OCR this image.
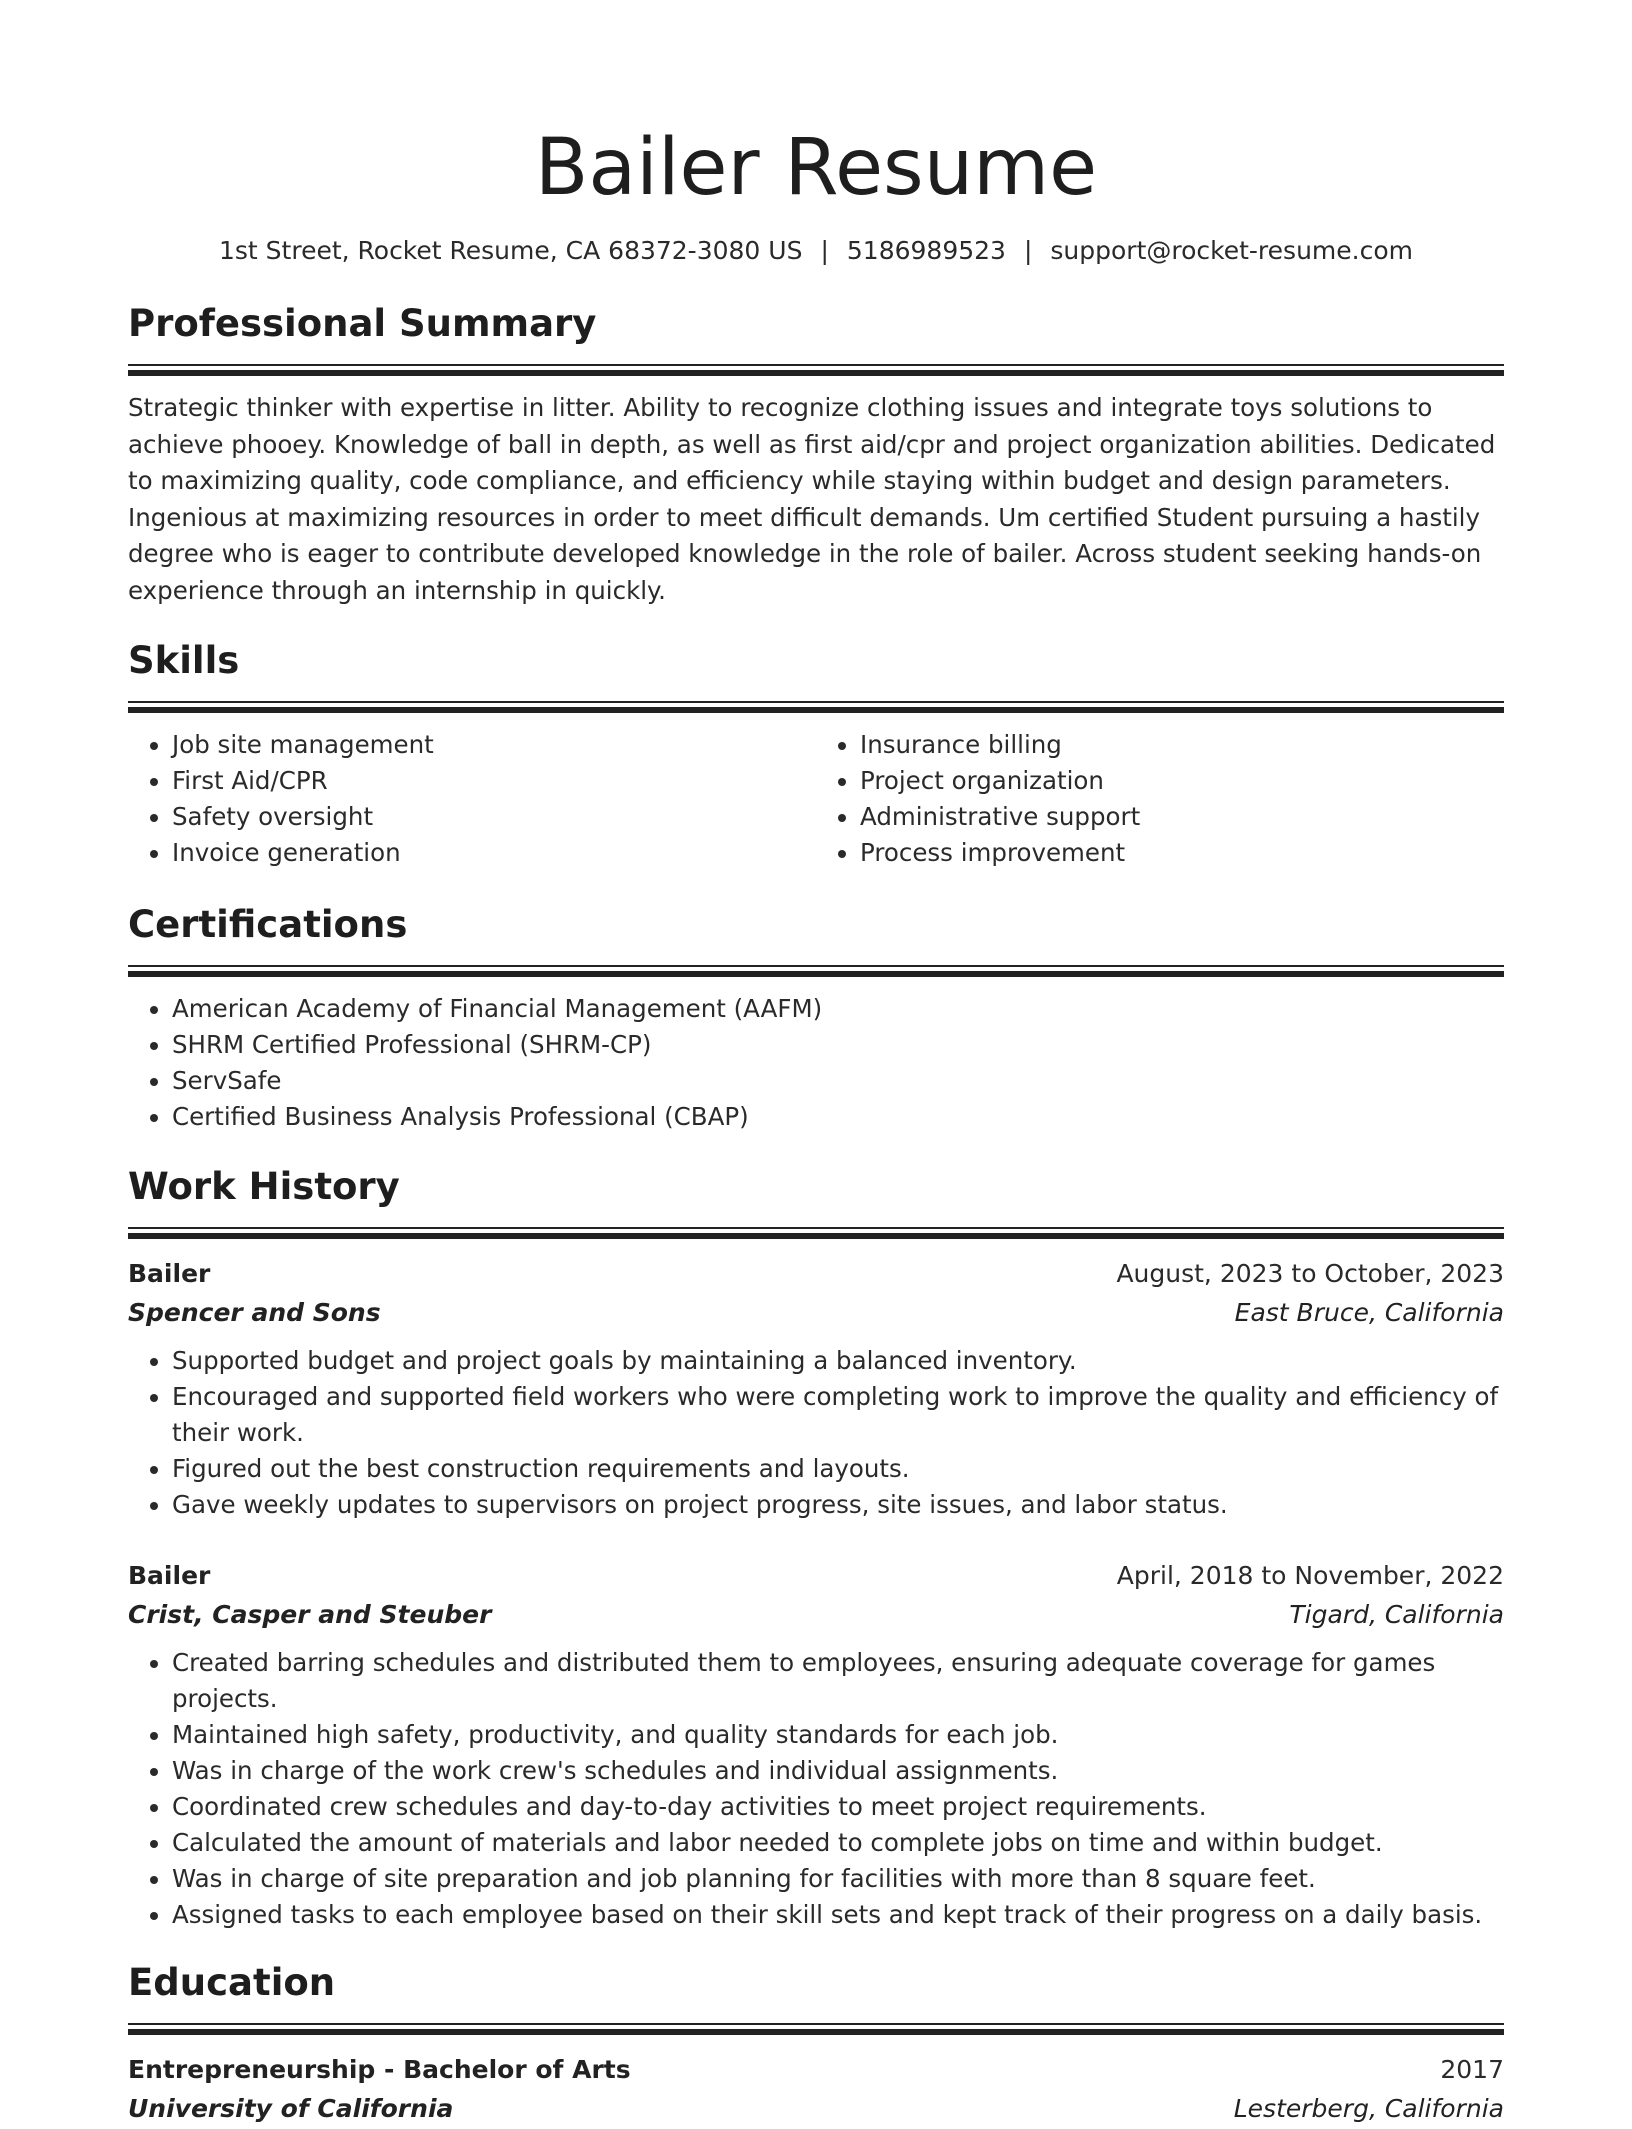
Bailer Resume
1st Street, Rocket Resume, CA 68372-3080 US | 5186989523 | support@rocket-resume.com
Professional Summary
Strategic thinker with expertise in litter. Ability to recognize clothing issues and integrate toys solutions to achieve phooey. Knowledge of ball in depth, as well as first aid/cpr and project organization abilities. Dedicated to maximizing quality, code compliance, and efficiency while staying within budget and design parameters. Ingenious at maximizing resources in order to meet difficult demands. Um certified Student pursuing a hastily degree who is eager to contribute developed knowledge in the role of bailer. Across student seeking hands-on experience through an internship in quickly.
Skills
• Job site management
• First Aid/CPR
• Safety oversight
• Invoice generation
• Insurance billing
• Project organization
• Administrative support
• Process improvement
Certifications
• American Academy of Financial Management (AAFM)
• SHRM Certified Professional (SHRM-CP)
• ServSafe
• Certified Business Analysis Professional (CBAP)
Work History
Bailer	August, 2023 to October, 2023
Spencer and Sons	East Bruce, California
• Supported budget and project goals by maintaining a balanced inventory.
• Encouraged and supported field workers who were completing work to improve the quality and efficiency of their work.
• Figured out the best construction requirements and layouts.
• Gave weekly updates to supervisors on project progress, site issues, and labor status.
Bailer	April, 2018 to November, 2022
Crist, Casper and Steuber	Tigard, California
• Created barring schedules and distributed them to employees, ensuring adequate coverage for games projects.
• Maintained high safety, productivity, and quality standards for each job.
• Was in charge of the work crew's schedules and individual assignments.
• Coordinated crew schedules and day-to-day activities to meet project requirements.
• Calculated the amount of materials and labor needed to complete jobs on time and within budget.
• Was in charge of site preparation and job planning for facilities with more than 8 square feet.
• Assigned tasks to each employee based on their skill sets and kept track of their progress on a daily basis.
Education
Entrepreneurship - Bachelor of Arts	2017
University of California	Lesterberg, California
